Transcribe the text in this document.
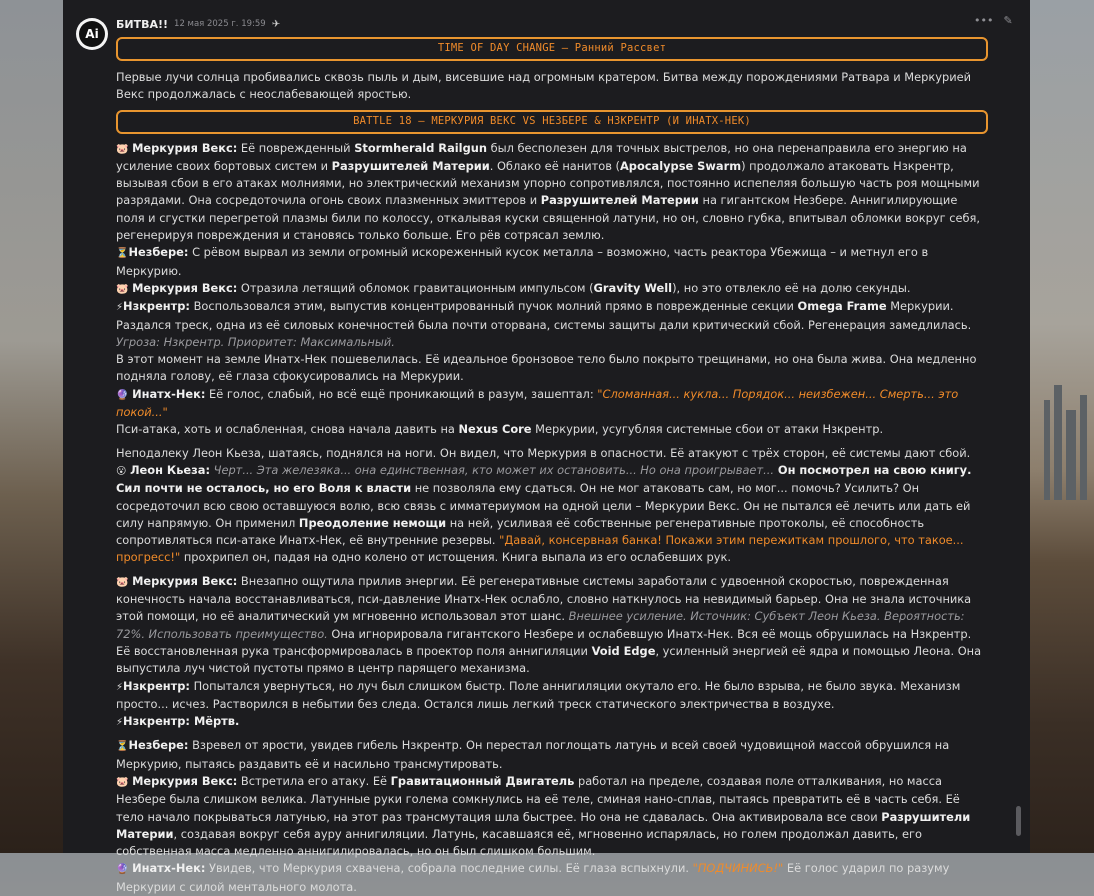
Ai
БИТВА!! 12 мая 2025 г. 19:59 ✈	••• ✎
TIME OF DAY CHANGE – Ранний Рассвет

Первые лучи солнца пробивались сквозь пыль и дым, висевшие над огромным кратером. Битва между порождениями Ратвара и Меркурией Векс продолжалась с неослабевающей яростью.

BATTLE 18 – МЕРКУРИЯ ВЕКС VS НЕЗБЕРЕ & НЗКРЕНТР (И ИНАТХ-НЕК)

🐷 Меркурия Векс: Её поврежденный Stormherald Railgun был бесполезен для точных выстрелов, но она перенаправила его энергию на усиление своих бортовых систем и Разрушителей Материи. Облако её нанитов (Apocalypse Swarm) продолжало атаковать Нзкрентр, вызывая сбои в его атаках молниями, но электрический механизм упорно сопротивлялся, постоянно испепеляя большую часть роя мощными разрядами. Она сосредоточила огонь своих плазменных эмиттеров и Разрушителей Материи на гигантском Незбере. Аннигилирующие поля и сгустки перегретой плазмы били по колоссу, откалывая куски священной латуни, но он, словно губка, впитывал обломки вокруг себя, регенерируя повреждения и становясь только больше. Его рёв сотрясал землю.

⏳Незбере: С рёвом вырвал из земли огромный искореженный кусок металла – возможно, часть реактора Убежища – и метнул его в Меркурию.

🐷 Меркурия Векс: Отразила летящий обломок гравитационным импульсом (Gravity Well), но это отвлекло её на долю секунды.

⚡Нзкрентр: Воспользовался этим, выпустив концентрированный пучок молний прямо в поврежденные секции Omega Frame Меркурии. Раздался треск, одна из её силовых конечностей была почти оторвана, системы защиты дали критический сбой. Регенерация замедлилась. Угроза: Нзкрентр. Приоритет: Максимальный.

В этот момент на земле Инатх-Нек пошевелилась. Её идеальное бронзовое тело было покрыто трещинами, но она была жива. Она медленно подняла голову, её глаза сфокусировались на Меркурии.

🔮 Инатх-Нек: Её голос, слабый, но всё ещё проникающий в разум, зашептал: "Сломанная... кукла... Порядок... неизбежен... Смерть... это покой..."

Пси-атака, хоть и ослабленная, снова начала давить на Nexus Core Меркурии, усугубляя системные сбои от атаки Нзкрентр.

Неподалеку Леон Кьеза, шатаясь, поднялся на ноги. Он видел, что Меркурия в опасности. Её атакуют с трёх сторон, её системы дают сбой.

😮 Леон Кьеза: Черт... Эта железяка... она единственная, кто может их остановить... Но она проигрывает... Он посмотрел на свою книгу. Сил почти не осталось, но его Воля к власти не позволяла ему сдаться. Он не мог атаковать сам, но мог... помочь? Усилить? Он сосредоточил всю свою оставшуюся волю, всю связь с имматериумом на одной цели – Меркурии Векс. Он не пытался её лечить или дать ей силу напрямую. Он применил Преодоление немощи на ней, усиливая её собственные регенеративные протоколы, её способность сопротивляться пси-атаке Инатх-Нек, её внутренние резервы. "Давай, консервная банка! Покажи этим пережиткам прошлого, что такое... прогресс!" прохрипел он, падая на одно колено от истощения. Книга выпала из его ослабевших рук.

🐷 Меркурия Векс: Внезапно ощутила прилив энергии. Её регенеративные системы заработали с удвоенной скоростью, поврежденная конечность начала восстанавливаться, пси-давление Инатх-Нек ослабло, словно наткнулось на невидимый барьер. Она не знала источника этой помощи, но её аналитический ум мгновенно использовал этот шанс. Внешнее усиление. Источник: Субъект Леон Кьеза. Вероятность: 72%. Использовать преимущество. Она игнорировала гигантского Незбере и ослабевшую Инатх-Нек. Вся её мощь обрушилась на Нзкрентр. Её восстановленная рука трансформировалась в проектор поля аннигиляции Void Edge, усиленный энергией её ядра и помощью Леона. Она выпустила луч чистой пустоты прямо в центр парящего механизма.

⚡Нзкрентр: Попытался увернуться, но луч был слишком быстр. Поле аннигиляции окутало его. Не было взрыва, не было звука. Механизм просто... исчез. Растворился в небытии без следа. Остался лишь легкий треск статического электричества в воздухе.

⚡Нзкрентр: Мёртв.

⏳Незбере: Взревел от ярости, увидев гибель Нзкрентр. Он перестал поглощать латунь и всей своей чудовищной массой обрушился на Меркурию, пытаясь раздавить её и насильно трансмутировать.

🐷 Меркурия Векс: Встретила его атаку. Её Гравитационный Двигатель работал на пределе, создавая поле отталкивания, но масса Незбере была слишком велика. Латунные руки голема сомкнулись на её теле, сминая нано-сплав, пытаясь превратить её в часть себя. Её тело начало покрываться латунью, на этот раз трансмутация шла быстрее. Но она не сдавалась. Она активировала все свои Разрушители Материи, создавая вокруг себя ауру аннигиляции. Латунь, касавшаяся её, мгновенно испарялась, но голем продолжал давить, его собственная масса медленно аннигилировалась, но он был слишком большим.

🔮 Инатх-Нек: Увидев, что Меркурия схвачена, собрала последние силы. Её глаза вспыхнули. "ПОДЧИНИСЬ!" Её голос ударил по разуму Меркурии с силой ментального молота.
